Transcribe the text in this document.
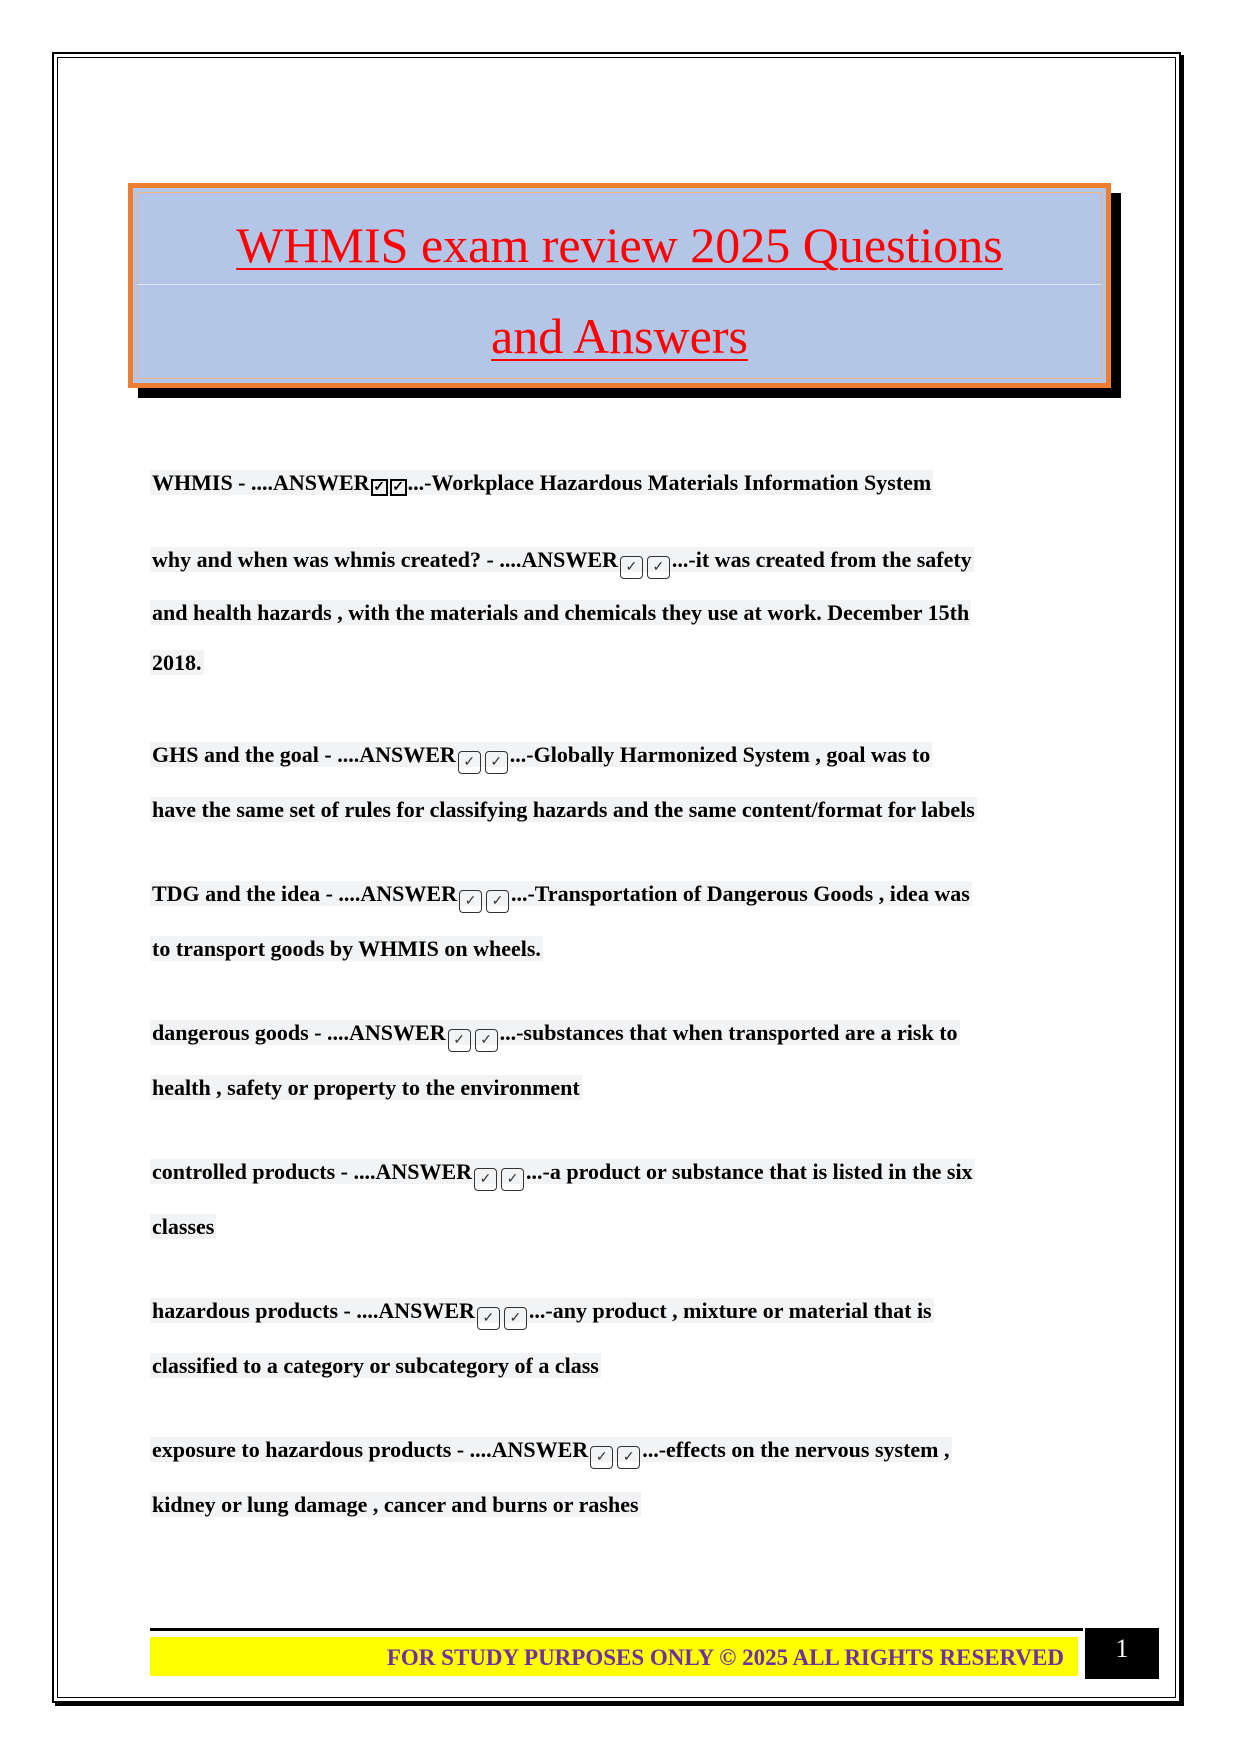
WHMIS exam review 2025 Questions
and Answers

WHMIS - ....ANSWER ✓ ✓ ...-Workplace Hazardous Materials Information System

why and when was whmis created? - ....ANSWER ✓ ✓ ...-it was created from the safety
and health hazards , with the materials and chemicals they use at work. December 15th
2018.

GHS and the goal - ....ANSWER ✓ ✓ ...-Globally Harmonized System , goal was to
have the same set of rules for classifying hazards and the same content/format for labels

TDG and the idea - ....ANSWER ✓ ✓ ...-Transportation of Dangerous Goods , idea was
to transport goods by WHMIS on wheels.

dangerous goods - ....ANSWER ✓ ✓ ...-substances that when transported are a risk to
health , safety or property to the environment

controlled products - ....ANSWER ✓ ✓ ...-a product or substance that is listed in the six
classes

hazardous products - ....ANSWER ✓ ✓ ...-any product , mixture or material that is
classified to a category or subcategory of a class

exposure to hazardous products - ....ANSWER ✓ ✓ ...-effects on the nervous system ,
kidney or lung damage , cancer and burns or rashes

FOR STUDY PURPOSES ONLY © 2025 ALL RIGHTS RESERVED	1
